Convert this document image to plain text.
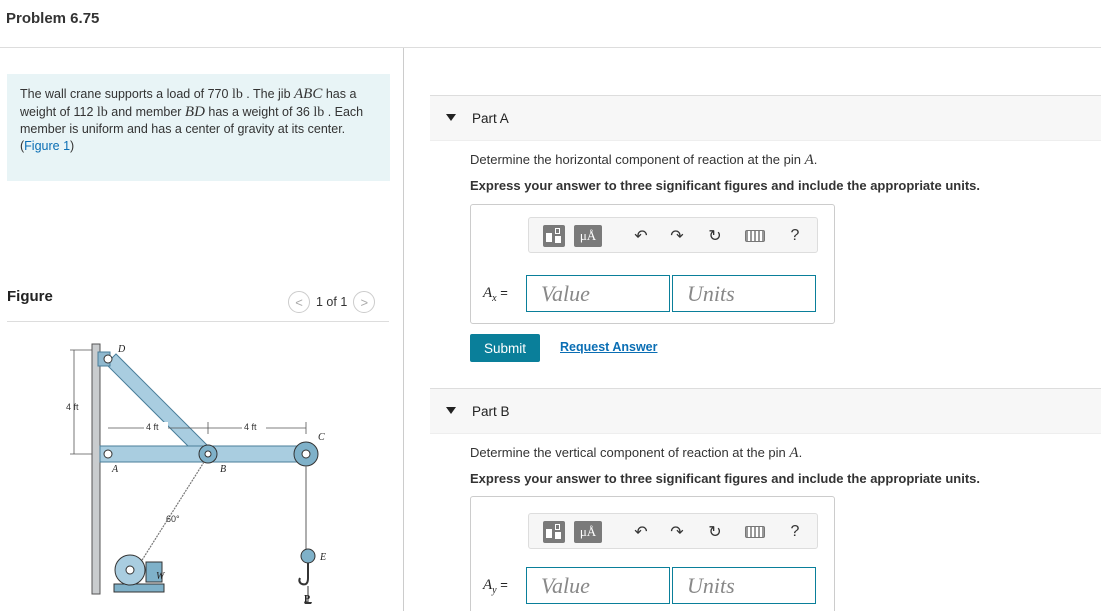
Problem 6.75
The wall crane supports a load of 770 lb . The jib ABC has a weight of 112 lb and member BD has a weight of 36 lb . Each member is uniform and has a center of gravity at its center.
(Figure 1)
Figure	< 1 of 1 >
4 ft
D
A	B
C
4 ft	4 ft
60°
E
P
W
Part A
Determine the horizontal component of reaction at the pin A.
Express your answer to three significant figures and include the appropriate units.
μÅ	↶ ↷ ↻	?
$A_x$ =	Value	Units
Submit	Request Answer
Part B
Determine the vertical component of reaction at the pin A.
Express your answer to three significant figures and include the appropriate units.
μÅ	↶ ↷ ↻	?
$A_y$ =	Value	Units
